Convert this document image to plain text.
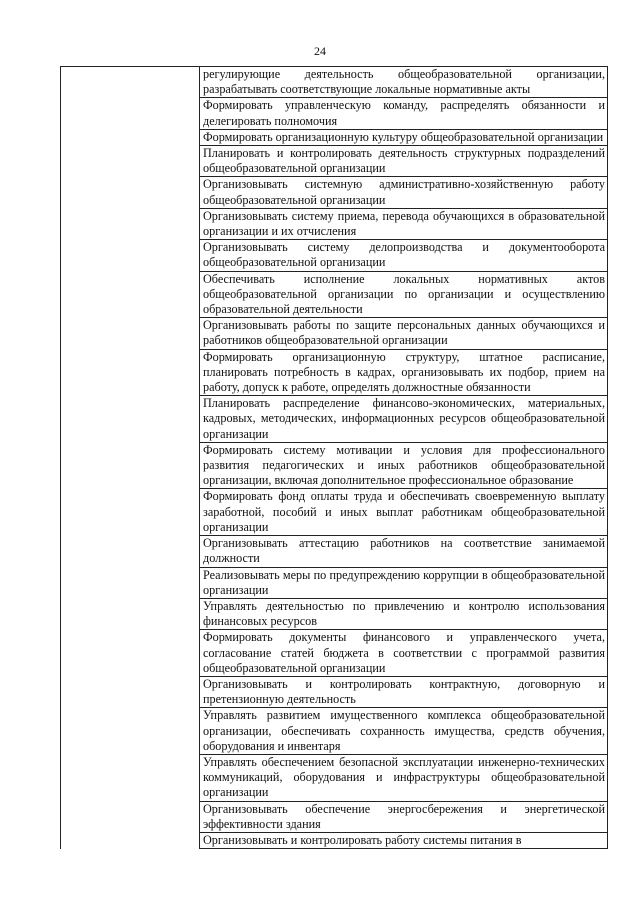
24

регулирующие деятельность общеобразовательной организации, разрабатывать соответствующие локальные нормативные акты

Формировать управленческую команду, распределять обязанности и делегировать полномочия

Формировать организационную культуру общеобразовательной организации

Планировать и контролировать деятельность структурных подразделений общеобразовательной организации

Организовывать системную административно-хозяйственную работу общеобразовательной организации

Организовывать систему приема, перевода обучающихся в образовательной организации и их отчисления

Организовывать систему делопроизводства и документооборота общеобразовательной организации

Обеспечивать исполнение локальных нормативных актов общеобразовательной организации по организации и осуществлению образовательной деятельности

Организовывать работы по защите персональных данных обучающихся и работников общеобразовательной организации

Формировать организационную структуру, штатное расписание, планировать потребность в кадрах, организовывать их подбор, прием на работу, допуск к работе, определять должностные обязанности

Планировать распределение финансово-экономических, материальных, кадровых, методических, информационных ресурсов общеобразовательной организации

Формировать систему мотивации и условия для профессионального развития педагогических и иных работников общеобразовательной организации, включая дополнительное профессиональное образование

Формировать фонд оплаты труда и обеспечивать своевременную выплату заработной, пособий и иных выплат работникам общеобразовательной организации

Организовывать аттестацию работников на соответствие занимаемой должности

Реализовывать меры по предупреждению коррупции в общеобразовательной организации

Управлять деятельностью по привлечению и контролю использования финансовых ресурсов

Формировать документы финансового и управленческого учета, согласование статей бюджета в соответствии с программой развития общеобразовательной организации

Организовывать и контролировать контрактную, договорную и претензионную деятельность

Управлять развитием имущественного комплекса общеобразовательной организации, обеспечивать сохранность имущества, средств обучения, оборудования и инвентаря

Управлять обеспечением безопасной эксплуатации инженерно-технических коммуникаций, оборудования и инфраструктуры общеобразовательной организации

Организовывать обеспечение энергосбережения и энергетической эффективности здания

Организовывать и контролировать работу системы питания в
